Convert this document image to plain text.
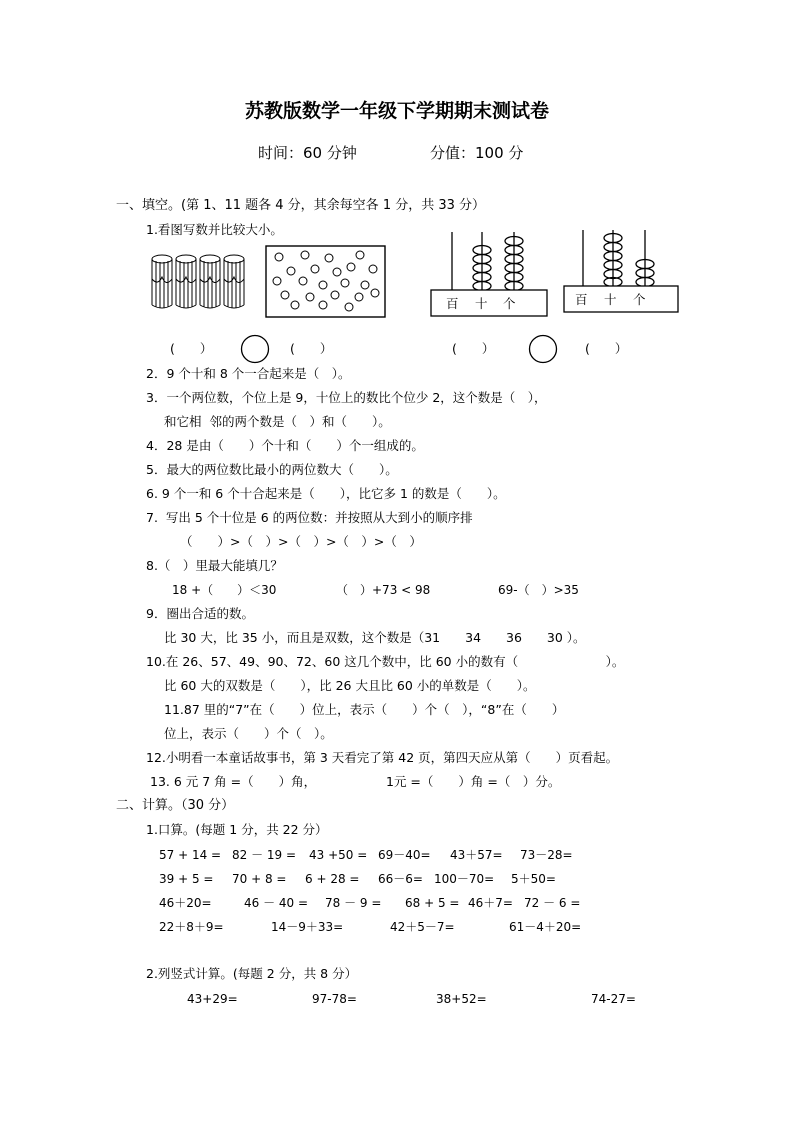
苏教版数学一年级下学期期末测试卷
时间：60 分钟	分值：100 分
一、填空。(第 1、11 题各 4 分，其余每空各 1 分，共 33 分）
1.看图写数并比较大小。
百 十 个	百 十 个
(　　）	(　　）	(　　）	(　　）
2．9 个十和 8 个一合起来是（　）。
3．一个两位数，个位上是 9，十位上的数比个位少 2，这个数是（　），
和它相  邻的两个数是（　）和（　　）。
4．28 是由（　　）个十和（　　）个一组成的。
5．最大的两位数比最小的两位数大（　　）。
6. 9 个一和 6 个十合起来是（　　），比它多 1 的数是（　　）。
7.  写出 5 个十位是 6 的两位数：并按照从大到小的顺序排
（　　）>（　）>（　）>（　）>（　）
8.（　）里最大能填几？
18 +（　　）＜30	（　）+73 < 98	69-（　）>35
9．圈出合适的数。
比 30 大，比 35 小，而且是双数，这个数是（31　　34　　36　　30 ）。
10.在 26、57、49、90、72、60 这几个数中，比 60 小的数有（　　　　　　　）。
比 60 大的双数是（　　），比 26 大且比 60 小的单数是（　　）。
11.87 里的“7”在（　　）位上，表示（　　）个（　），“8”在（　　）
位上，表示（　　）个（　）。
12.小明看一本童话故事书，第 3 天看完了第 42 页，第四天应从第（　　）页看起。
13. 6 元 7 角 =（　　）角，	1元 =（　　）角 =（　）分。
二、计算。（30 分）
1.口算。(每题 1 分，共 22 分）
57 + 14 = 82 － 19 = 43 +50 = 69－40= 43＋57= 73－28=
39 + 5 = 70 + 8 = 6 + 28 = 66－6= 100－70= 5＋50=
46＋20=	46 － 40 = 78 － 9 = 68 + 5 = 46＋7= 72 － 6 =
22＋8＋9=	14－9＋33=	42＋5－7=	61－4＋20=
2.列竖式计算。(每题 2 分，共 8 分）
43+29=	97-78=	38+52=	74-27=
